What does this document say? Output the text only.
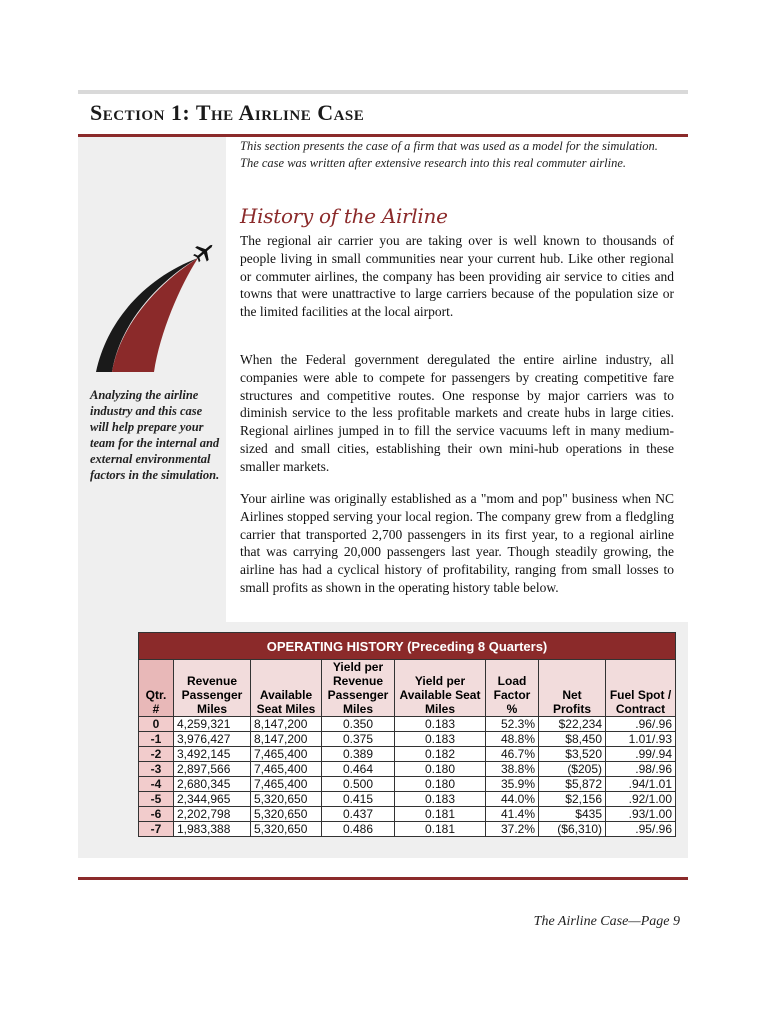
Section 1: The Airline Case
Analyzing the airline industry and this case will help prepare your team for the internal and external environmental factors in the simulation.
This section presents the case of a firm that was used as a model for the simulation. The case was written after extensive research into this real commuter airline.
History of the Airline

The regional air carrier you are taking over is well known to thousands of people living in small communities near your current hub. Like other regional or commuter airlines, the company has been providing air service to cities and towns that were unattractive to large carriers because of the population size or the limited facilities at the local airport.

When the Federal government deregulated the entire airline industry, all companies were able to compete for passengers by creating competitive fare structures and competitive routes. One response by major carriers was to diminish service to the less profitable markets and create hubs in large cities. Regional airlines jumped in to fill the service vacuums left in many medium-sized and small cities, establishing their own mini-hub operations in these smaller markets.

Your airline was originally established as a "mom and pop" business when NC Airlines stopped serving your local region. The company grew from a fledgling carrier that transported 2,700 passengers in its first year, to a regional airline that was carrying 20,000 passengers last year. Though steadily growing, the airline has had a cyclical history of profitability, ranging from small losses to small profits as shown in the operating history table below.

OPERATING HISTORY (Preceding 8 Quarters)							
Qtr. #	Revenue Passenger Miles	Available Seat Miles	Yield per Revenue Passenger Miles	Yield per Available Seat Miles	Load Factor %	Net Profits	Fuel Spot / Contract
0	4,259,321	8,147,200	0.350	0.183	52.3%	$22,234	.96/.96
-1	3,976,427	8,147,200	0.375	0.183	48.8%	$8,450	1.01/.93
-2	3,492,145	7,465,400	0.389	0.182	46.7%	$3,520	.99/.94
-3	2,897,566	7,465,400	0.464	0.180	38.8%	($205)	.98/.96
-4	2,680,345	7,465,400	0.500	0.180	35.9%	$5,872	.94/1.01
-5	2,344,965	5,320,650	0.415	0.183	44.0%	$2,156	.92/1.00
-6	2,202,798	5,320,650	0.437	0.181	41.4%	$435	.93/1.00
-7	1,983,388	5,320,650	0.486	0.181	37.2%	($6,310)	.95/.96
The Airline Case—Page 9
